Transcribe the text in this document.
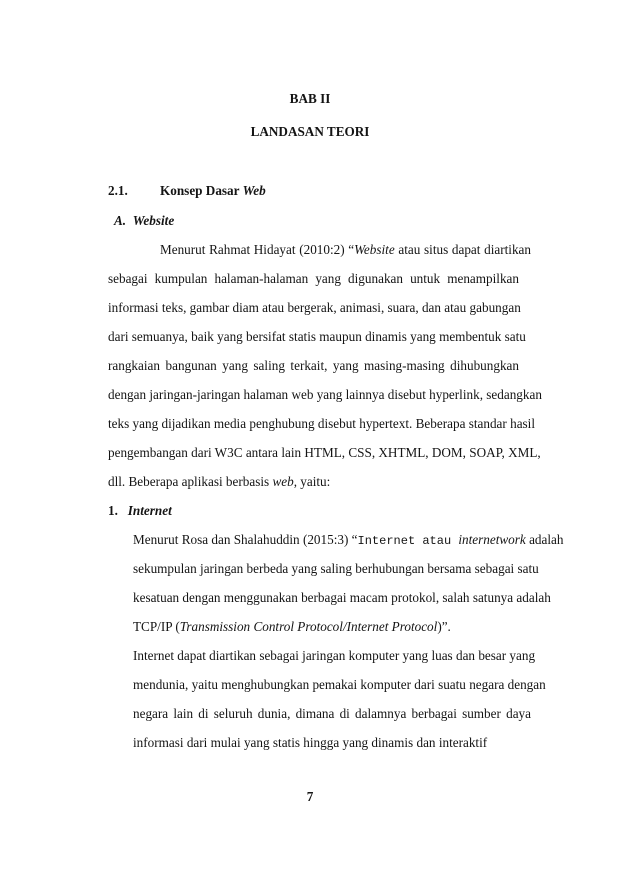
BAB II
LANDASAN TEORI
2.1. Konsep Dasar Web
A. Website
Menurut Rahmat Hidayat (2010:2) “Website atau situs dapat diartikan
sebagai kumpulan halaman-halaman yang digunakan untuk menampilkan
informasi teks, gambar diam atau bergerak, animasi, suara, dan atau gabungan
dari semuanya, baik yang bersifat statis maupun dinamis yang membentuk satu
rangkaian bangunan yang saling terkait, yang masing-masing dihubungkan
dengan jaringan-jaringan halaman web yang lainnya disebut hyperlink, sedangkan
teks yang dijadikan media penghubung disebut hypertext. Beberapa standar hasil
pengembangan dari W3C antara lain HTML, CSS, XHTML, DOM, SOAP, XML,
dll. Beberapa aplikasi berbasis web, yaitu:
1. Internet
Menurut Rosa dan Shalahuddin (2015:3) “Internet atau internetwork adalah
sekumpulan jaringan berbeda yang saling berhubungan bersama sebagai satu
kesatuan dengan menggunakan berbagai macam protokol, salah satunya adalah
TCP/IP (Transmission Control Protocol/Internet Protocol)”.
Internet dapat diartikan sebagai jaringan komputer yang luas dan besar yang
mendunia, yaitu menghubungkan pemakai komputer dari suatu negara dengan
negara lain di seluruh dunia, dimana di dalamnya berbagai sumber daya
informasi dari mulai yang statis hingga yang dinamis dan interaktif
7
